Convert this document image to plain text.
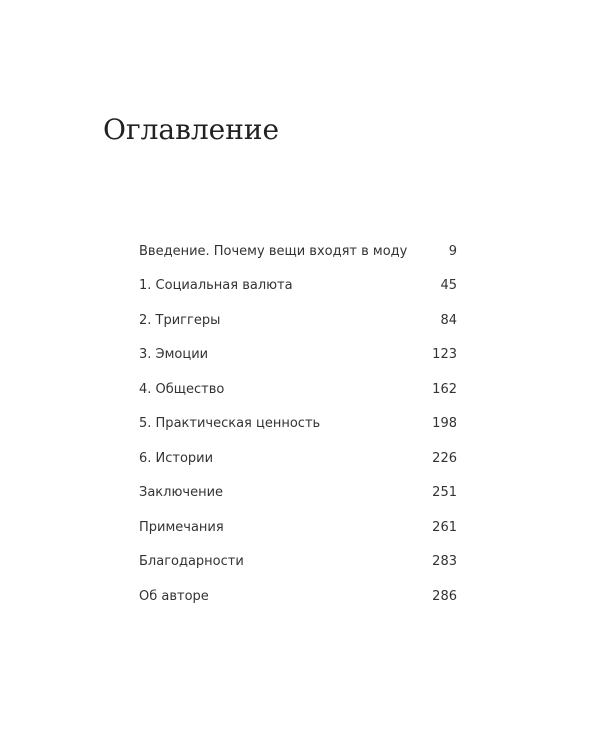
Оглавление
Введение. Почему вещи входят в моду	9
1. Социальная валюта	45
2. Триггеры	84
3. Эмоции	123
4. Общество	162
5. Практическая ценность	198
6. Истории	226
Заключение	251
Примечания	261
Благодарности	283
Об авторе	286
